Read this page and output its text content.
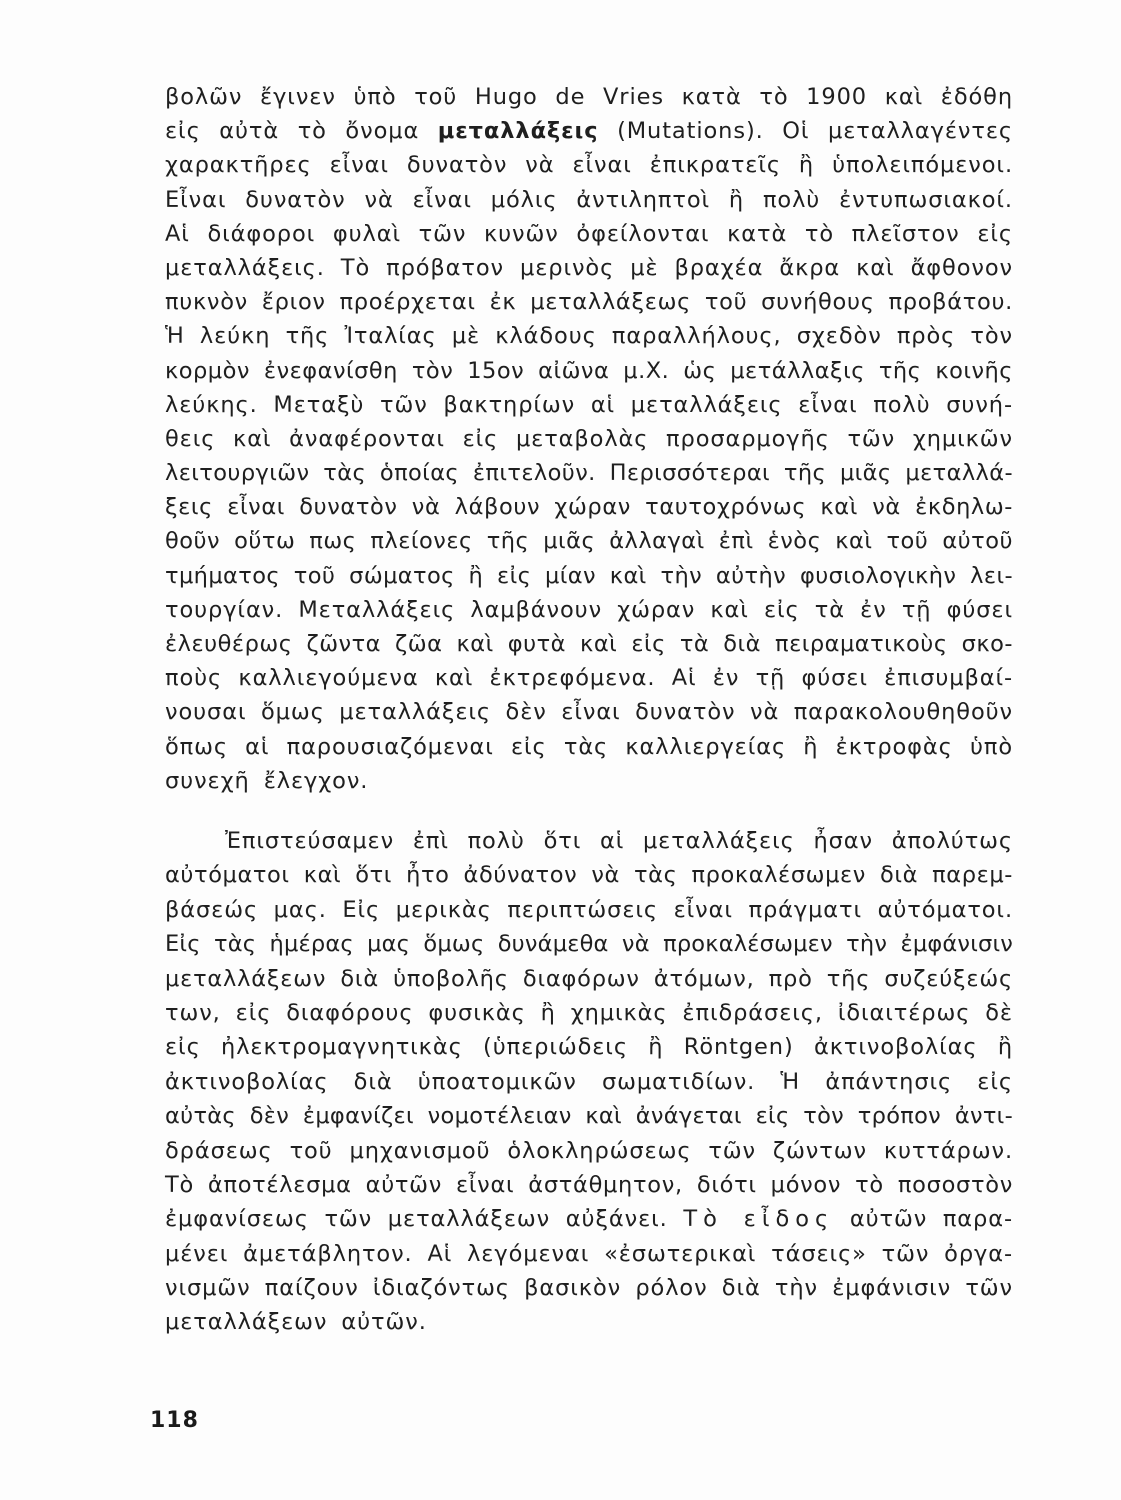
βολῶν ἔγινεν ὑπὸ τοῦ Hugo de Vries κατὰ τὸ 1900 καὶ ἐδόθη
εἰς αὐτὰ τὸ ὄνομα μεταλλάξεις (Mutations). Οἱ μεταλλαγέντες
χαρακτῆρες εἶναι δυνατὸν νὰ εἶναι ἐπικρατεῖς ἢ ὑπολειπόμενοι.
Εἶναι δυνατὸν νὰ εἶναι μόλις ἀντιληπτοὶ ἢ πολὺ ἐντυπωσιακοί.
Αἱ διάφοροι φυλαὶ τῶν κυνῶν ὀφείλονται κατὰ τὸ πλεῖστον εἰς
μεταλλάξεις. Τὸ πρόβατον μερινὸς μὲ βραχέα ἄκρα καὶ ἄφθονον
πυκνὸν ἔριον προέρχεται ἐκ μεταλλάξεως τοῦ συνήθους προβάτου.
Ἡ λεύκη τῆς Ἰταλίας μὲ κλάδους παραλλήλους, σχεδὸν πρὸς τὸν
κορμὸν ἐνεφανίσθη τὸν 15ον αἰῶνα μ.Χ. ὡς μετάλλαξις τῆς κοινῆς
λεύκης. Μεταξὺ τῶν βακτηρίων αἱ μεταλλάξεις εἶναι πολὺ συνή-
θεις καὶ ἀναφέρονται εἰς μεταβολὰς προσαρμογῆς τῶν χημικῶν
λειτουργιῶν τὰς ὁποίας ἐπιτελοῦν. Περισσότεραι τῆς μιᾶς μεταλλά-
ξεις εἶναι δυνατὸν νὰ λάβουν χώραν ταυτοχρόνως καὶ νὰ ἐκδηλω-
θοῦν οὕτω πως πλείονες τῆς μιᾶς ἀλλαγαὶ ἐπὶ ἑνὸς καὶ τοῦ αὐτοῦ
τμήματος τοῦ σώματος ἢ εἰς μίαν καὶ τὴν αὐτὴν φυσιολογικὴν λει-
τουργίαν. Μεταλλάξεις λαμβάνουν χώραν καὶ εἰς τὰ ἐν τῇ φύσει
ἐλευθέρως ζῶντα ζῶα καὶ φυτὰ καὶ εἰς τὰ διὰ πειραματικοὺς σκο-
ποὺς καλλιεγούμενα καὶ ἐκτρεφόμενα. Αἱ ἐν τῇ φύσει ἐπισυμβαί-
νουσαι ὅμως μεταλλάξεις δὲν εἶναι δυνατὸν νὰ παρακολουθηθοῦν
ὅπως αἱ παρουσιαζόμεναι εἰς τὰς καλλιεργείας ἢ ἐκτροφὰς ὑπὸ
συνεχῆ ἔλεγχον.
Ἐπιστεύσαμεν ἐπὶ πολὺ ὅτι αἱ μεταλλάξεις ἦσαν ἀπολύτως
αὐτόματοι καὶ ὅτι ἦτο ἀδύνατον νὰ τὰς προκαλέσωμεν διὰ παρεμ-
βάσεώς μας. Εἰς μερικὰς περιπτώσεις εἶναι πράγματι αὐτόματοι.
Εἰς τὰς ἡμέρας μας ὅμως δυνάμεθα νὰ προκαλέσωμεν τὴν ἐμφάνισιν
μεταλλάξεων διὰ ὑποβολῆς διαφόρων ἀτόμων, πρὸ τῆς συζεύξεώς
των, εἰς διαφόρους φυσικὰς ἢ χημικὰς ἐπιδράσεις, ἰδιαιτέρως δὲ
εἰς ἠλεκτρομαγνητικὰς (ὑπεριώδεις ἢ Röntgen) ἀκτινοβολίας ἢ
ἀκτινοβολίας διὰ ὑποατομικῶν σωματιδίων. Ἡ ἀπάντησις εἰς
αὐτὰς δὲν ἐμφανίζει νομοτέλειαν καὶ ἀνάγεται εἰς τὸν τρόπον ἀντι-
δράσεως τοῦ μηχανισμοῦ ὁλοκληρώσεως τῶν ζώντων κυττάρων.
Τὸ ἀποτέλεσμα αὐτῶν εἶναι ἀστάθμητον, διότι μόνον τὸ ποσοστὸν
ἐμφανίσεως τῶν μεταλλάξεων αὐξάνει. Τὸ εἶδος αὐτῶν παρα-
μένει ἀμετάβλητον. Αἱ λεγόμεναι «ἐσωτερικαὶ τάσεις» τῶν ὀργα-
νισμῶν παίζουν ἰδιαζόντως βασικὸν ρόλον διὰ τὴν ἐμφάνισιν τῶν
μεταλλάξεων αὐτῶν.
118
